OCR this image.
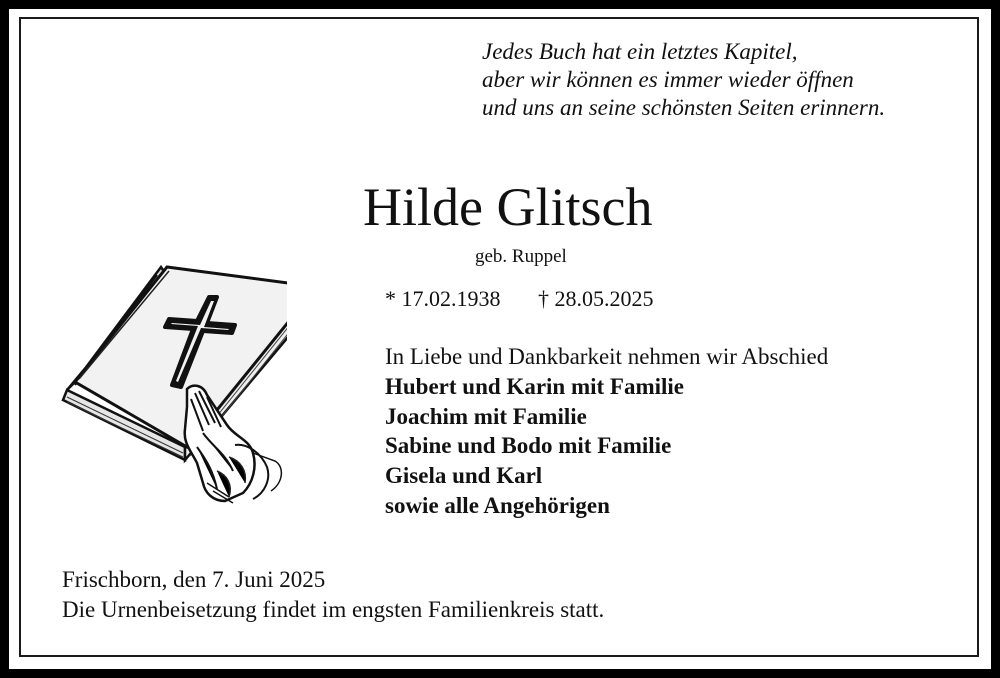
Jedes Buch hat ein letztes Kapitel,
aber wir können es immer wieder öffnen
und uns an seine schönsten Seiten erinnern.
Hilde Glitsch
geb. Ruppel
* 17.02.1938 † 28.05.2025
In Liebe und Dankbarkeit nehmen wir Abschied
Hubert und Karin mit Familie
Joachim mit Familie
Sabine und Bodo mit Familie
Gisela und Karl
sowie alle Angehörigen
Frischborn, den 7. Juni 2025
Die Urnenbeisetzung findet im engsten Familienkreis statt.
